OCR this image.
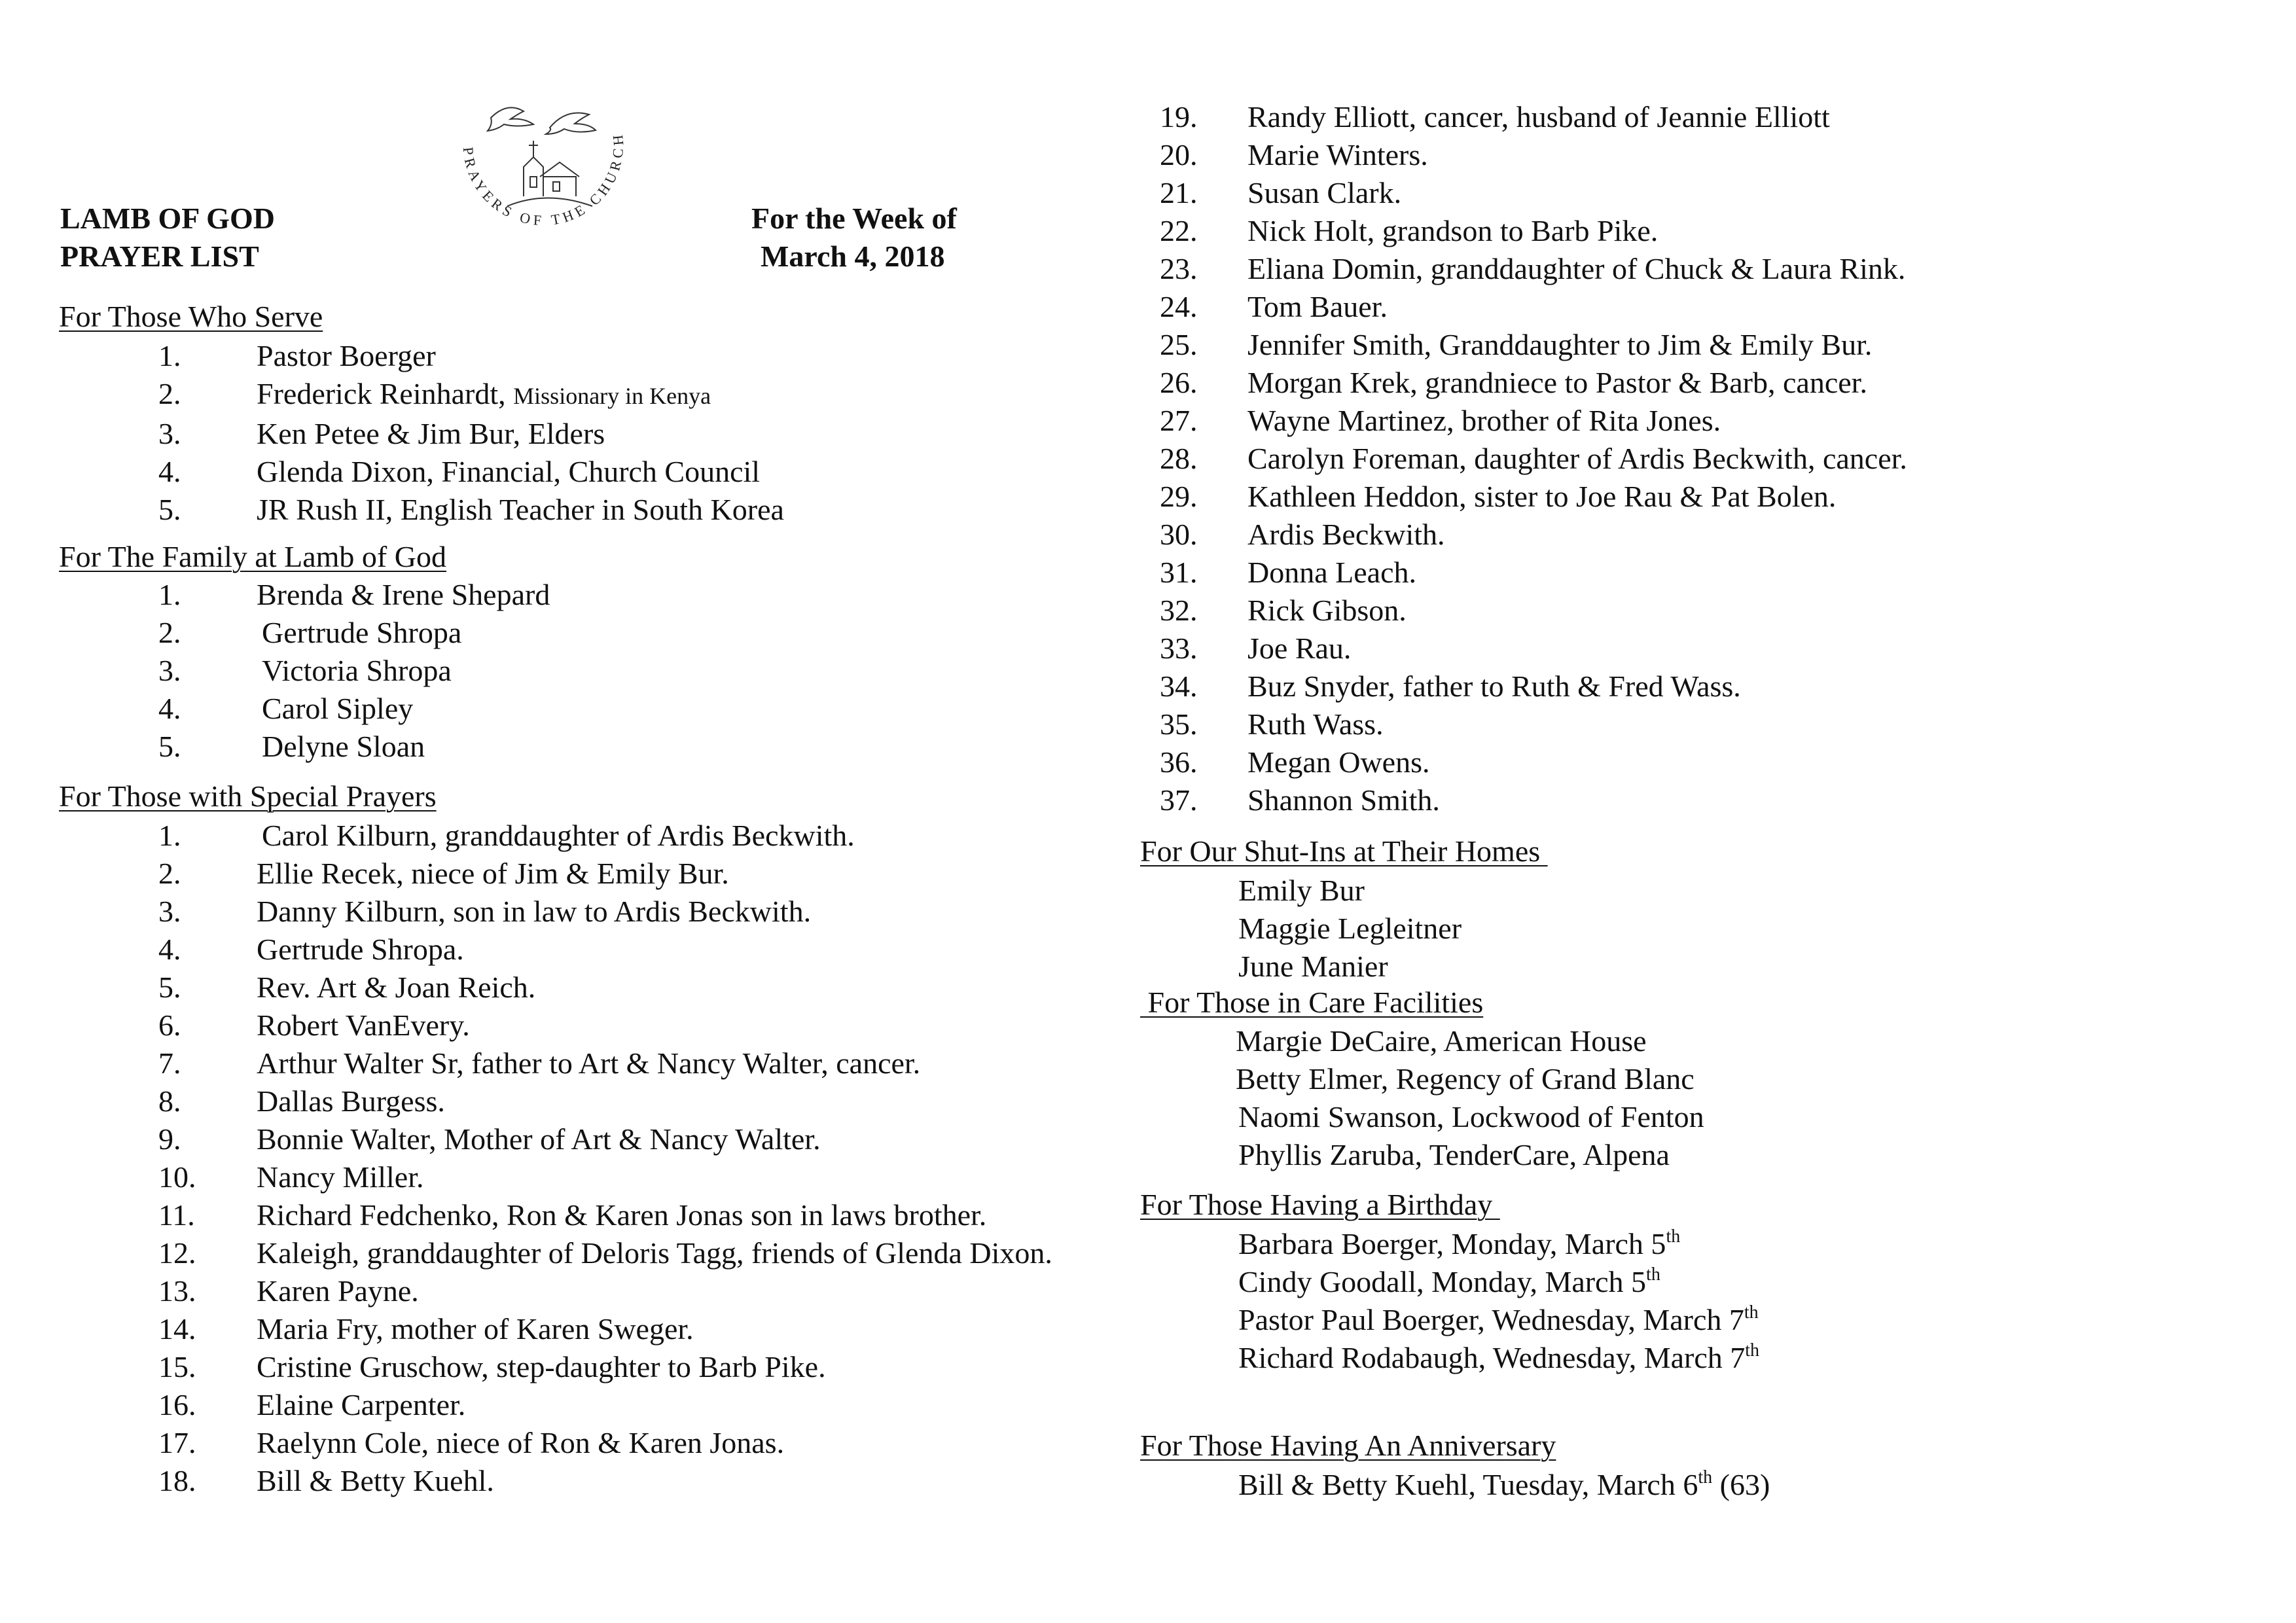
PRAYERS OF THE CHURCH
LAMB OF GOD
PRAYER LIST
For the Week of
March 4, 2018
For Those Who Serve
1.	Pastor Boerger
2.	Frederick Reinhardt, Missionary in Kenya
3.	Ken Petee & Jim Bur, Elders
4.	Glenda Dixon, Financial, Church Council
5.	JR Rush II, English Teacher in South Korea
For The Family at Lamb of God
1.	Brenda & Irene Shepard
2.	Gertrude Shropa
3.	Victoria Shropa
4.	Carol Sipley
5.	Delyne Sloan
For Those with Special Prayers
1.	Carol Kilburn, granddaughter of Ardis Beckwith.
2.	Ellie Recek, niece of Jim & Emily Bur.
3.	Danny Kilburn, son in law to Ardis Beckwith.
4.	Gertrude Shropa.
5.	Rev. Art & Joan Reich.
6.	Robert VanEvery.
7.	Arthur Walter Sr, father to Art & Nancy Walter, cancer.
8.	Dallas Burgess.
9.	Bonnie Walter, Mother of Art & Nancy Walter.
10.	Nancy Miller.
11.	Richard Fedchenko, Ron & Karen Jonas son in laws brother.
12.	Kaleigh, granddaughter of Deloris Tagg, friends of Glenda Dixon.
13.	Karen Payne.
14.	Maria Fry, mother of Karen Sweger.
15.	Cristine Gruschow, step-daughter to Barb Pike.
16.	Elaine Carpenter.
17.	Raelynn Cole, niece of Ron & Karen Jonas.
18.	Bill & Betty Kuehl.
19.	Randy Elliott, cancer, husband of Jeannie Elliott
20.	Marie Winters.
21.	Susan Clark.
22.	Nick Holt, grandson to Barb Pike.
23.	Eliana Domin, granddaughter of Chuck & Laura Rink.
24.	Tom Bauer.
25.	Jennifer Smith, Granddaughter to Jim & Emily Bur.
26.	Morgan Krek, grandniece to Pastor & Barb, cancer.
27.	Wayne Martinez, brother of Rita Jones.
28.	Carolyn Foreman, daughter of Ardis Beckwith, cancer.
29.	Kathleen Heddon, sister to Joe Rau & Pat Bolen.
30.	Ardis Beckwith.
31.	Donna Leach.
32.	Rick Gibson.
33.	Joe Rau.
34.	Buz Snyder, father to Ruth & Fred Wass.
35.	Ruth Wass.
36.	Megan Owens.
37.	Shannon Smith.
For Our Shut-Ins at Their Homes
Emily Bur
Maggie Legleitner
June Manier
For Those in Care Facilities
Margie DeCaire, American House
Betty Elmer, Regency of Grand Blanc
Naomi Swanson, Lockwood of Fenton
Phyllis Zaruba, TenderCare, Alpena
For Those Having a Birthday
Barbara Boerger, Monday, March 5th
Cindy Goodall, Monday, March 5th
Pastor Paul Boerger, Wednesday, March 7th
Richard Rodabaugh, Wednesday, March 7th
For Those Having An Anniversary
Bill & Betty Kuehl, Tuesday, March 6th (63)
